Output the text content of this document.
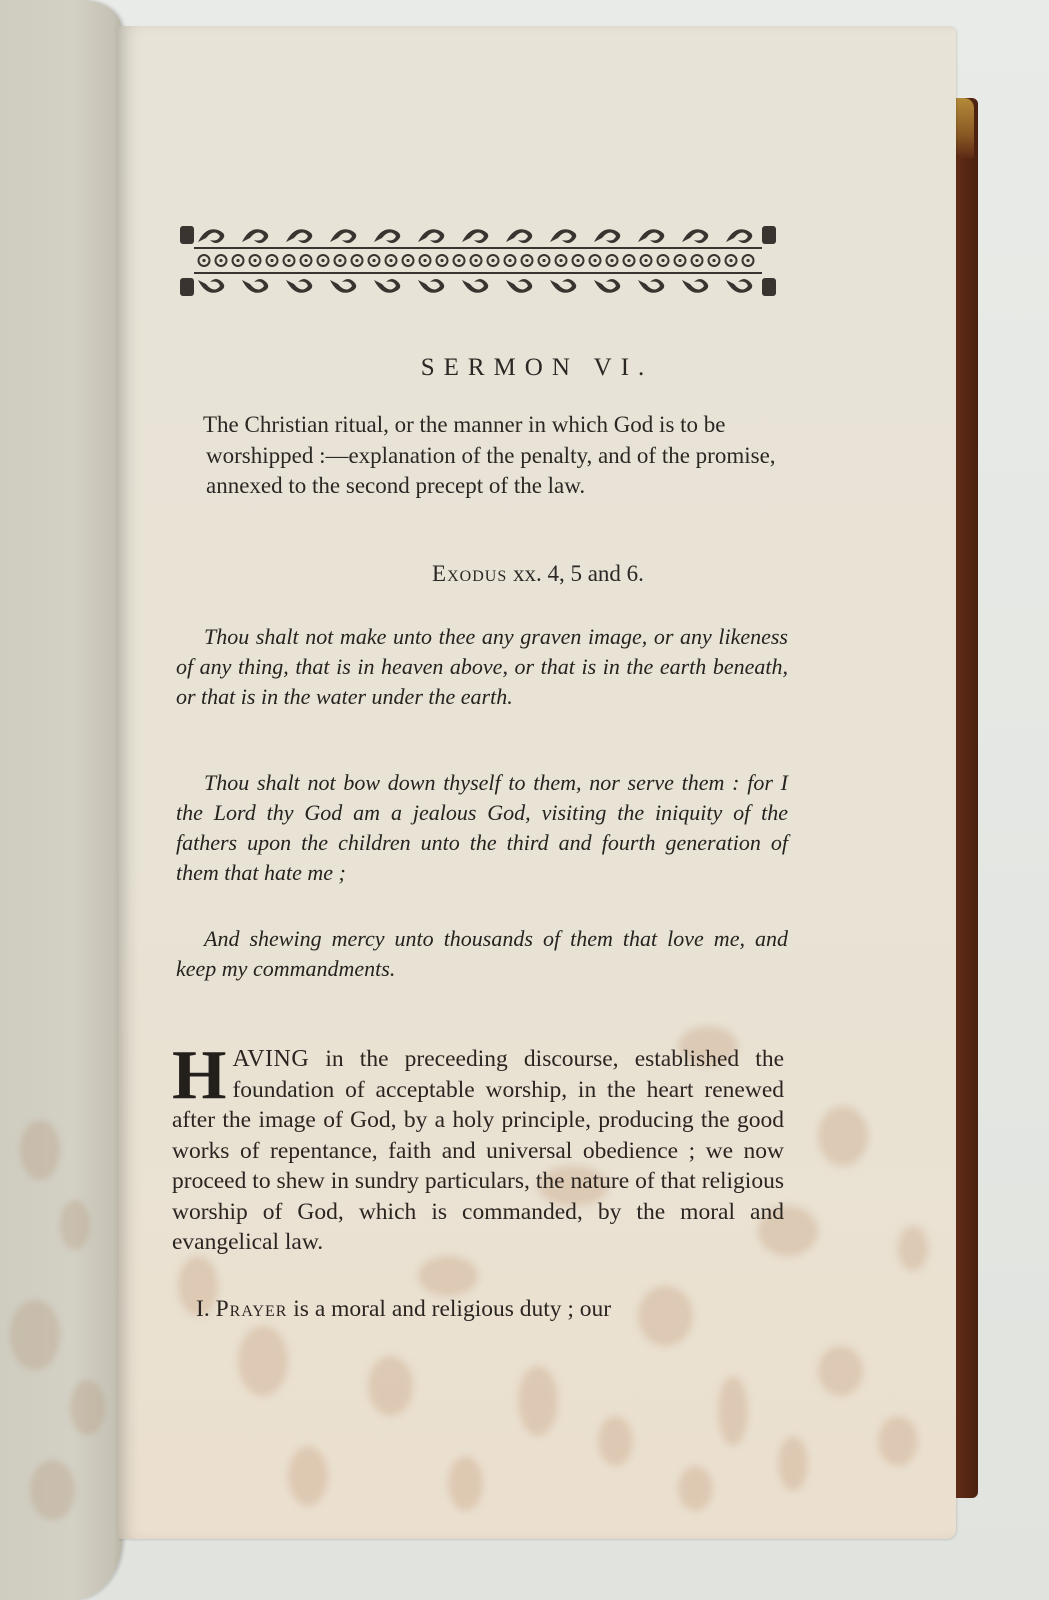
SERMON VI.
The Christian ritual, or the manner in which God is to be worshipped :—explanation of the penalty, and of the promise, annexed to the second precept of the law.
Exodus xx. 4, 5 and 6.
Thou shalt not make unto thee any graven image, or any likeness of any thing, that is in heaven above, or that is in the earth beneath, or that is in the water under the earth.
Thou shalt not bow down thyself to them, nor serve them : for I the Lord thy God am a jealous God, visiting the iniquity of the fathers upon the children unto the third and fourth generation of them that hate me ;
And shewing mercy unto thousands of them that love me, and keep my commandments.
HAVING in the preceeding discourse, established the foundation of acceptable worship, in the heart renewed after the image of God, by a holy principle, producing the good works of repentance, faith and universal obedience ; we now proceed to shew in sundry particulars, the nature of that religious worship of God, which is commanded, by the moral and evangelical law.
I. Prayer is a moral and religious duty ; our
